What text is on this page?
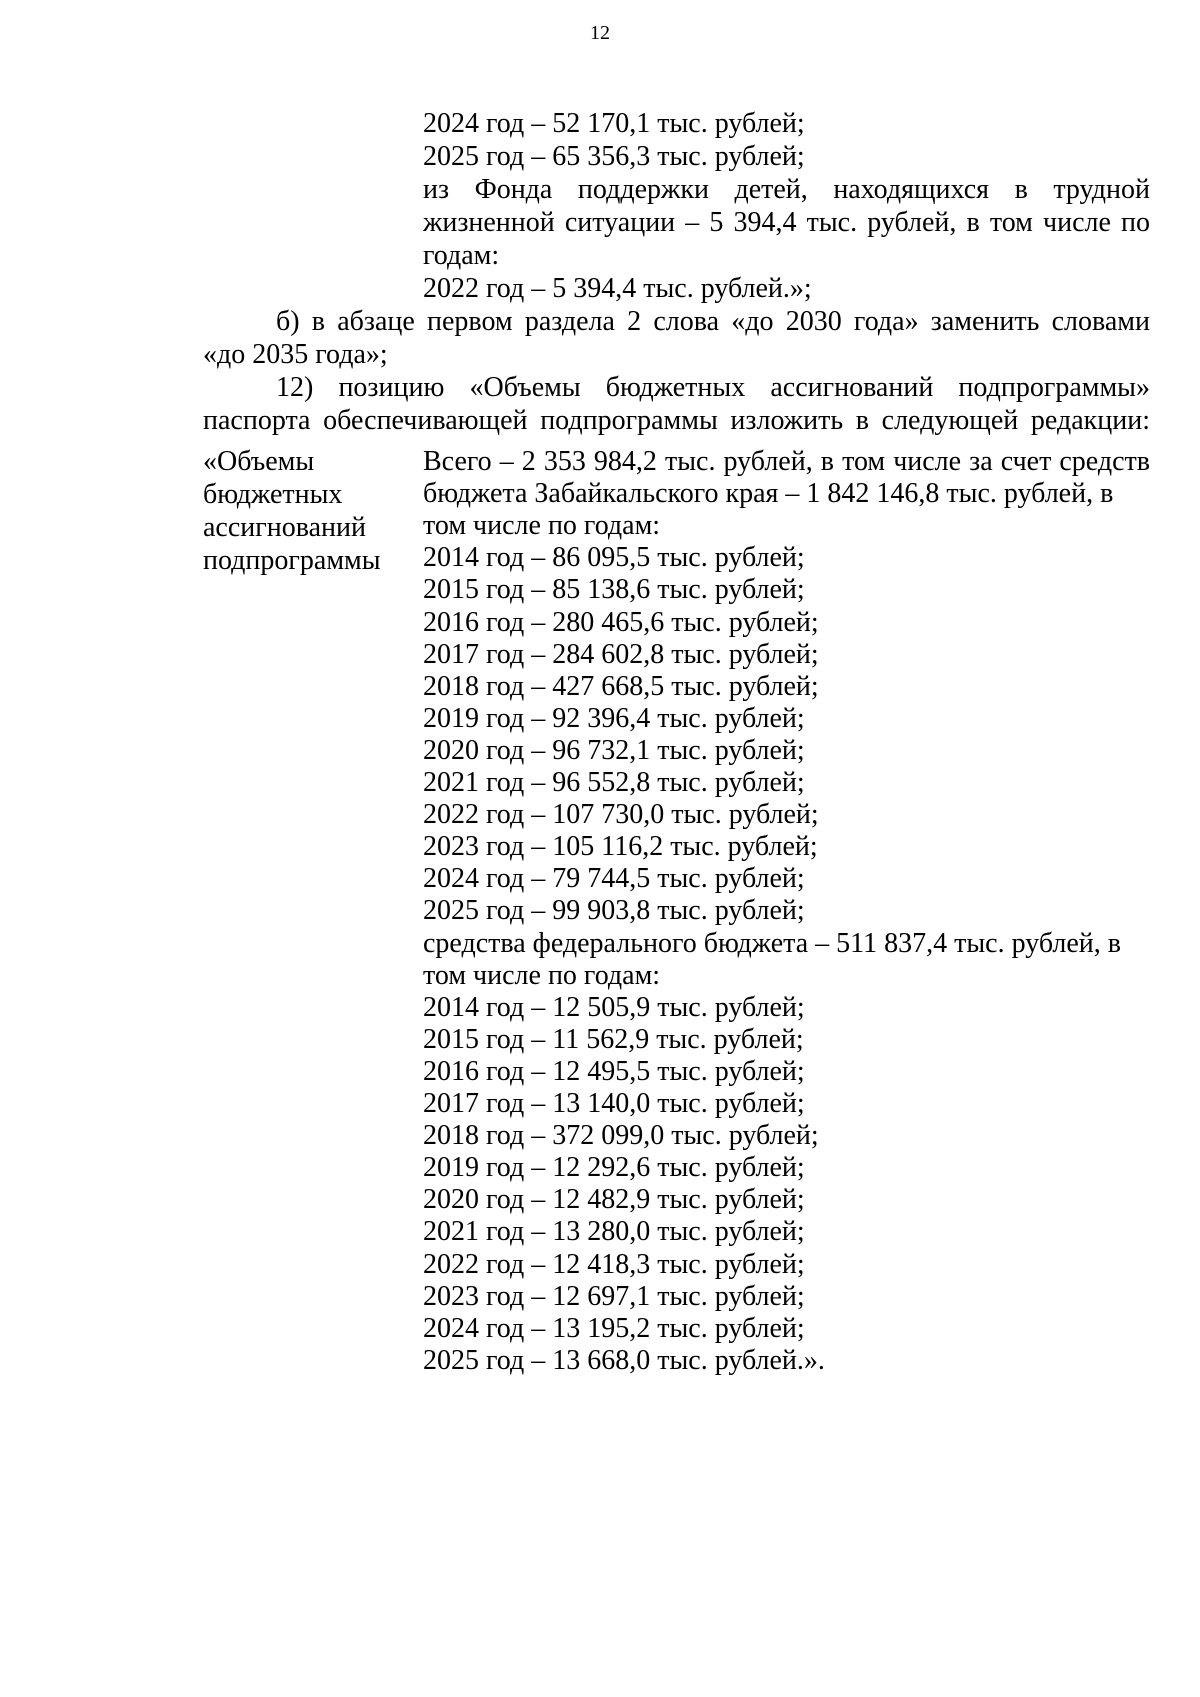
12
2024 год – 52 170,1 тыс. рублей;
2025 год – 65 356,3 тыс. рублей;
из Фонда поддержки детей, находящихся в трудной
жизненной ситуации – 5 394,4 тыс. рублей, в том числе по
годам:
2022 год – 5 394,4 тыс. рублей.»;
б) в абзаце первом раздела 2 слова «до 2030 года» заменить словами
«до 2035 года»;
12) позицию «Объемы бюджетных ассигнований подпрограммы»
паспорта обеспечивающей подпрограммы изложить в следующей редакции:
«Объемы
бюджетных
ассигнований
подпрограммы
Всего – 2 353 984,2 тыс. рублей, в том числе за счет средств
бюджета Забайкальского края – 1 842 146,8 тыс. рублей, в
том числе по годам:
2014 год – 86 095,5 тыс. рублей;
2015 год – 85 138,6 тыс. рублей;
2016 год – 280 465,6 тыс. рублей;
2017 год – 284 602,8 тыс. рублей;
2018 год – 427 668,5 тыс. рублей;
2019 год – 92 396,4 тыс. рублей;
2020 год – 96 732,1 тыс. рублей;
2021 год – 96 552,8 тыс. рублей;
2022 год – 107 730,0 тыс. рублей;
2023 год – 105 116,2 тыс. рублей;
2024 год – 79 744,5 тыс. рублей;
2025 год – 99 903,8 тыс. рублей;
средства федерального бюджета – 511 837,4 тыс. рублей, в
том числе по годам:
2014 год – 12 505,9 тыс. рублей;
2015 год – 11 562,9 тыс. рублей;
2016 год – 12 495,5 тыс. рублей;
2017 год – 13 140,0 тыс. рублей;
2018 год – 372 099,0 тыс. рублей;
2019 год – 12 292,6 тыс. рублей;
2020 год – 12 482,9 тыс. рублей;
2021 год – 13 280,0 тыс. рублей;
2022 год – 12 418,3 тыс. рублей;
2023 год – 12 697,1 тыс. рублей;
2024 год – 13 195,2 тыс. рублей;
2025 год – 13 668,0 тыс. рублей.».
